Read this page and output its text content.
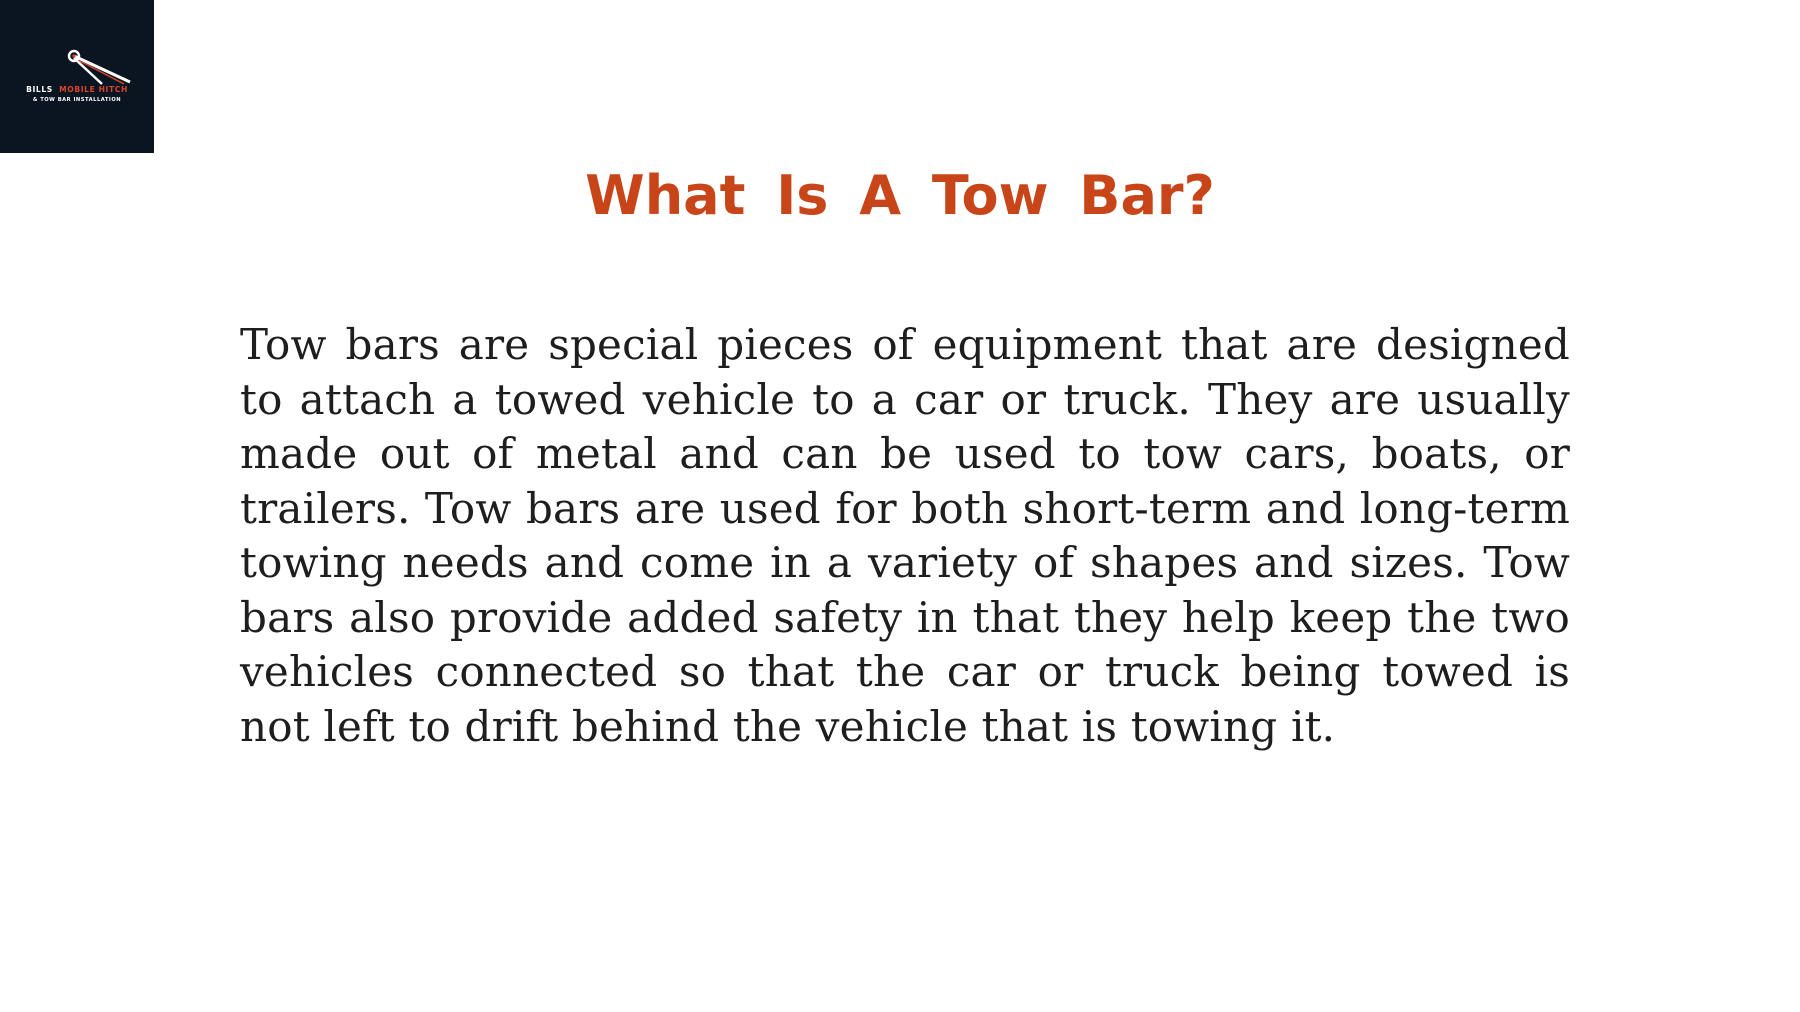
BILLS MOBILE HITCH
& TOW BAR INSTALLATION
What Is A Tow Bar?

Tow bars are special pieces of equipment that are designed to attach a towed vehicle to a car or truck. They are usually made out of metal and can be used to tow cars, boats, or trailers. Tow bars are used for both short-term and long-term towing needs and come in a variety of shapes and sizes. Tow bars also provide added safety in that they help keep the two vehicles connected so that the car or truck being towed is not left to drift behind the vehicle that is towing it.
